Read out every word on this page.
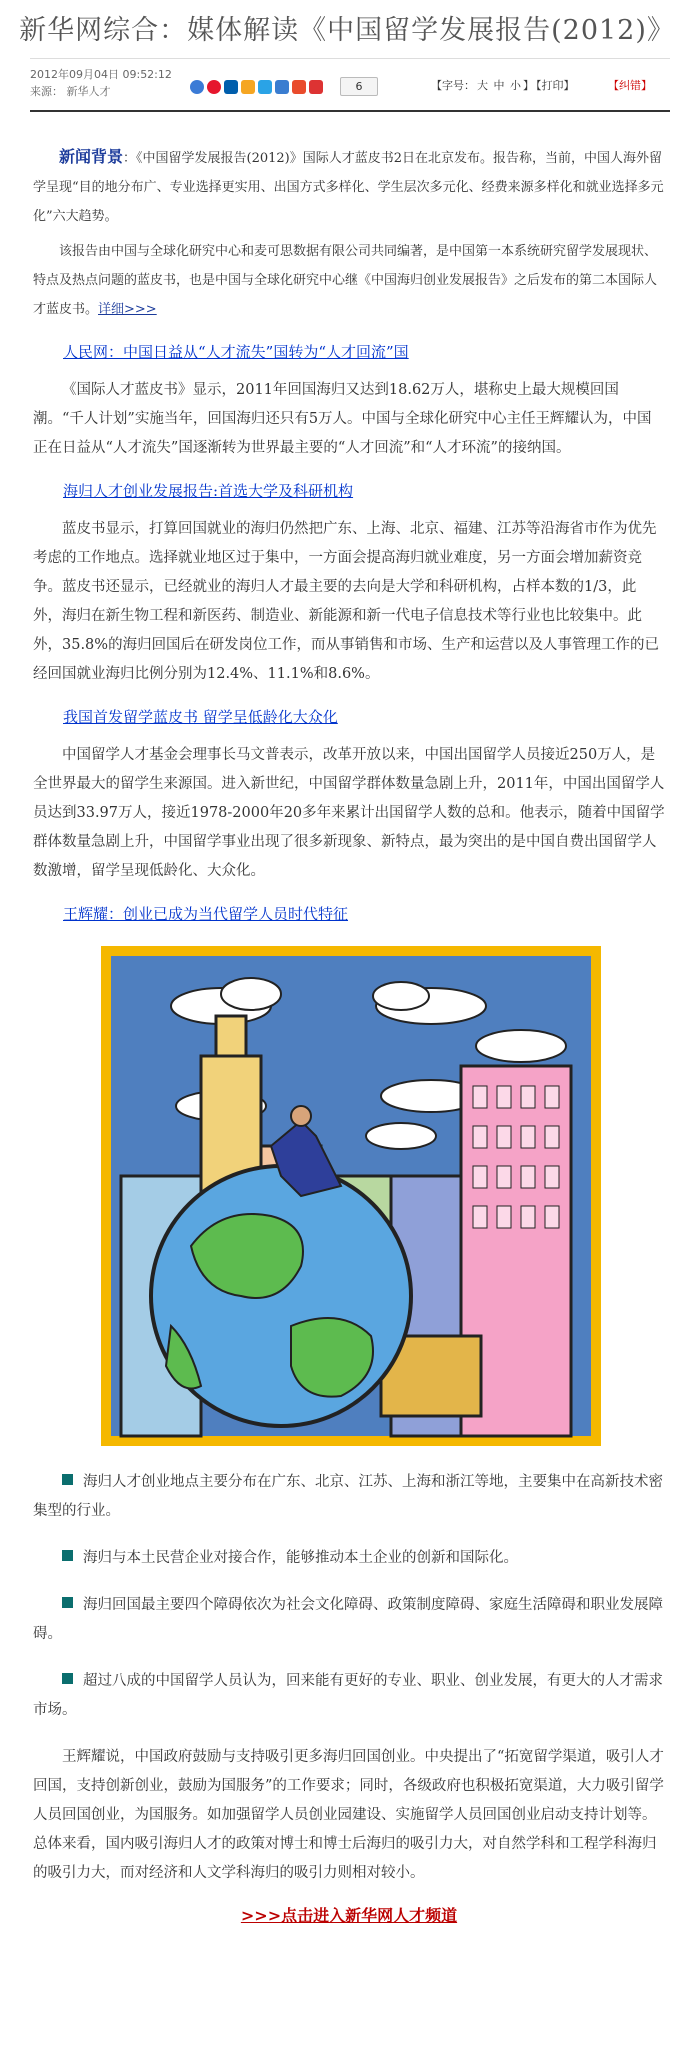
新华网综合：媒体解读《中国留学发展报告(2012)》
2012年09月04日 09:52:12
来源： 新华人才	6	【字号： 大 中 小 】 【打印】	【纠错】

新闻背景：《中国留学发展报告(2012)》国际人才蓝皮书2日在北京发布。报告称，当前，中国人海外留学呈现“目的地分布广、专业选择更实用、出国方式多样化、学生层次多元化、经费来源多样化和就业选择多元化”六大趋势。

该报告由中国与全球化研究中心和麦可思数据有限公司共同编著，是中国第一本系统研究留学发展现状、特点及热点问题的蓝皮书，也是中国与全球化研究中心继《中国海归创业发展报告》之后发布的第二本国际人才蓝皮书。详细>>>

人民网：中国日益从“人才流失”国转为“人才回流”国

《国际人才蓝皮书》显示，2011年回国海归又达到18.62万人，堪称史上最大规模回国潮。“千人计划”实施当年，回国海归还只有5万人。中国与全球化研究中心主任王辉耀认为，中国正在日益从“人才流失”国逐渐转为世界最主要的“人才回流”和“人才环流”的接纳国。

海归人才创业发展报告:首选大学及科研机构

蓝皮书显示，打算回国就业的海归仍然把广东、上海、北京、福建、江苏等沿海省市作为优先考虑的工作地点。选择就业地区过于集中，一方面会提高海归就业难度，另一方面会增加薪资竞争。蓝皮书还显示，已经就业的海归人才最主要的去向是大学和科研机构，占样本数的1/3，此外，海归在新生物工程和新医药、制造业、新能源和新一代电子信息技术等行业也比较集中。此外，35.8%的海归回国后在研发岗位工作，而从事销售和市场、生产和运营以及人事管理工作的已经回国就业海归比例分别为12.4%、11.1%和8.6%。

我国首发留学蓝皮书 留学呈低龄化大众化

中国留学人才基金会理事长马文普表示，改革开放以来，中国出国留学人员接近250万人，是全世界最大的留学生来源国。进入新世纪，中国留学群体数量急剧上升，2011年，中国出国留学人员达到33.97万人，接近1978-2000年20多年来累计出国留学人数的总和。他表示，随着中国留学群体数量急剧上升，中国留学事业出现了很多新现象、新特点，最为突出的是中国自费出国留学人数激增，留学呈现低龄化、大众化。

王辉耀：创业已成为当代留学人员时代特征

海归人才创业地点主要分布在广东、北京、江苏、上海和浙江等地，主要集中在高新技术密集型的行业。

海归与本土民营企业对接合作，能够推动本土企业的创新和国际化。

海归回国最主要四个障碍依次为社会文化障碍、政策制度障碍、家庭生活障碍和职业发展障碍。

超过八成的中国留学人员认为，回来能有更好的专业、职业、创业发展，有更大的人才需求市场。

王辉耀说，中国政府鼓励与支持吸引更多海归回国创业。中央提出了“拓宽留学渠道，吸引人才回国，支持创新创业，鼓励为国服务”的工作要求；同时，各级政府也积极拓宽渠道，大力吸引留学人员回国创业，为国服务。如加强留学人员创业园建设、实施留学人员回国创业启动支持计划等。总体来看，国内吸引海归人才的政策对博士和博士后海归的吸引力大，对自然学科和工程学科海归的吸引力大，而对经济和人文学科海归的吸引力则相对较小。

>>>点击进入新华网人才频道
